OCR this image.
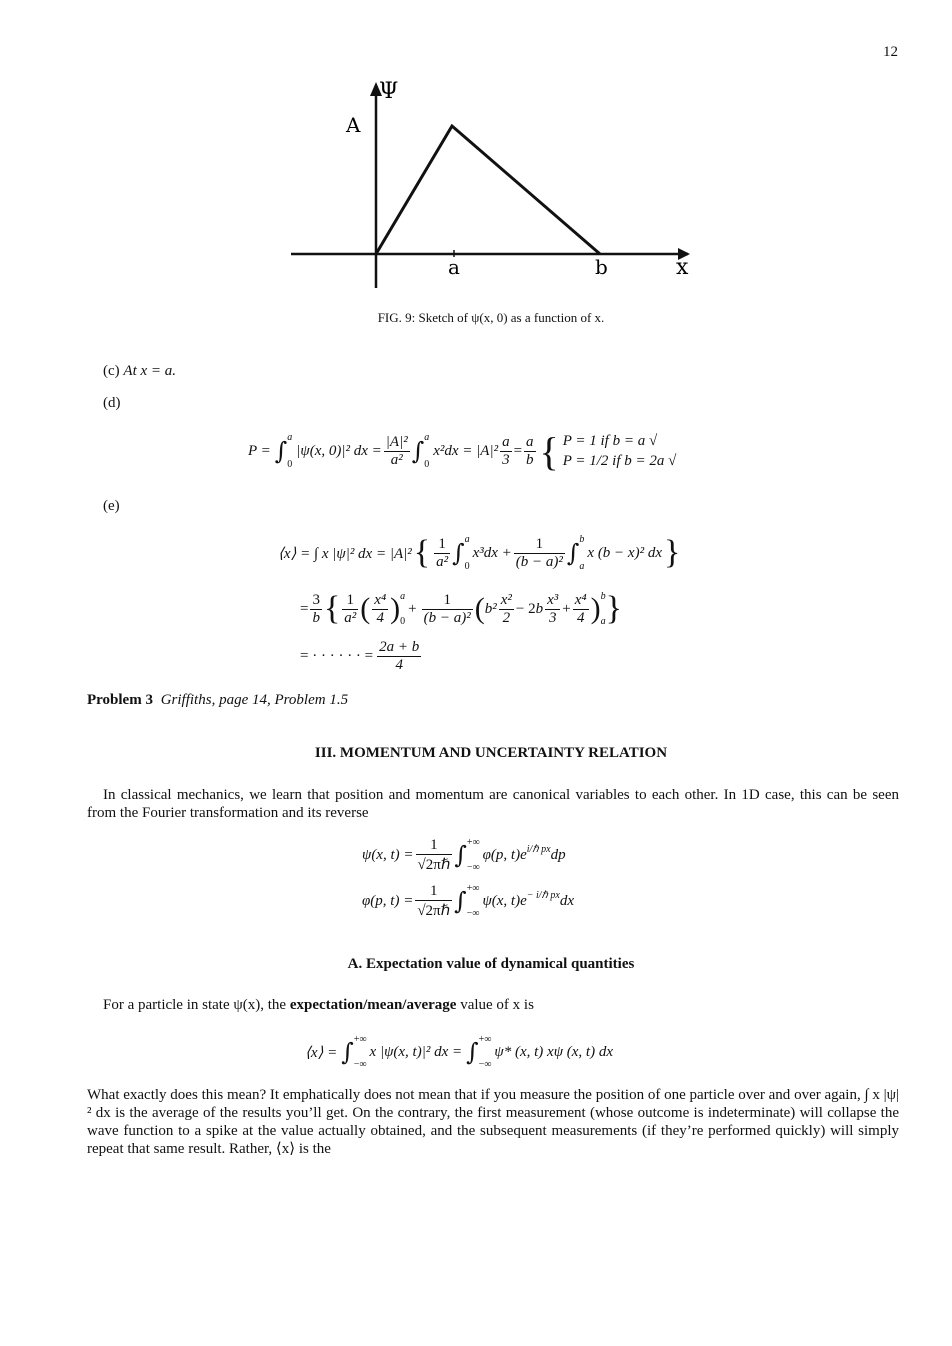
12
Ψ
A
a	b	x
FIG. 9: Sketch of ψ(x, 0) as a function of x.
(c) At x = a.
(d)
P = ∫ a
0
|ψ(x, 0)|² dx = $\frac{\text{|A|²}}{\text{a²}}$ ∫ a
0
$x^2dx = |A|^2 \frac{a}{3} = \frac{a}{b}$ { P = 1 if b = a √
P = 1/2 if b = 2a √
(e)
⟨x⟩ = ∫ x |ψ|² dx = |A|² { $\frac{1}{\text{a²}}$ ∫ a
0
$x^3dx + \frac{1}{\text{(b − a)²}}$ ∫ b
a
x (b − x)² dx }
= $\frac{3}{b}$ { $\frac{1}{\text{a²}}$ ( $\frac{\text{x⁴}}{4}$ ) a
0
+ $\frac{1}{\text{(b − a)²}}$ ( $b^2 \frac{\text{x²}}{2} - 2$ b $\frac{\text{x³}}{3} + \frac{\text{x⁴}}{4}$ ) b
a }
= · · · · · · = $\frac{2a + b}{4}$
Problem 3 Griffiths, page 14, Problem 1.5
III. MOMENTUM AND UNCERTAINTY RELATION
In classical mechanics, we learn that position and momentum are canonical variables to each other. In 1D case, this can be seen from the Fourier transformation and its reverse
ψ(x, $t) = \frac{1}{\text{√2πℏ}}$ ∫ +∞
−∞
φ(p, $t)e^{i/\hbar px}$ dp
φ(p, $t) = \frac{1}{\text{√2πℏ}}$ ∫ +∞
−∞
ψ(x, $t)e^{- i/\hbar px}$ dx
A. Expectation value of dynamical quantities
For a particle in state ψ(x), the expectation/mean/average value of x is
⟨x⟩ = ∫ +∞
−∞
x |ψ(x, t)|² dx = ∫ +∞
−∞
ψ* (x, t) xψ (x, t) dx
What exactly does this mean? It emphatically does not mean that if you measure the position of one particle over and over again, ∫ x |ψ|² dx is the average of the results you’ll get. On the contrary, the first measurement (whose outcome is indeterminate) will collapse the wave function to a spike at the value actually obtained, and the subsequent measurements (if they’re performed quickly) will simply repeat that same result. Rather, ⟨x⟩ is the
